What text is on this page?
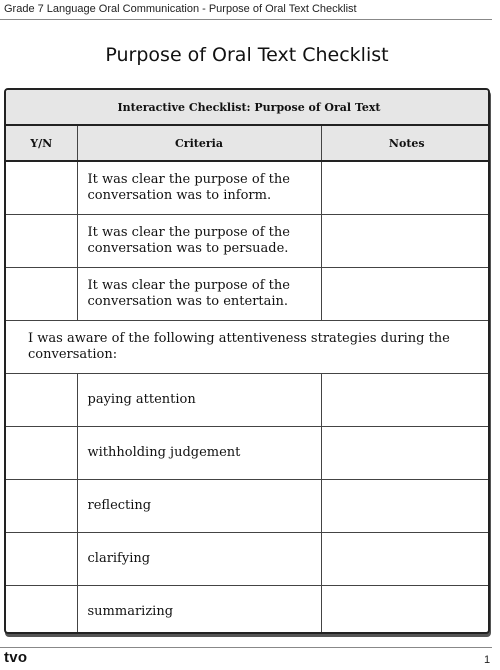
Grade 7 Language Oral Communication - Purpose of Oral Text Checklist
Purpose of Oral Text Checklist
Interactive Checklist: Purpose of Oral Text		
Y/N	Criteria	Notes
	It was clear the purpose of the conversation was to inform.	
	It was clear the purpose of the conversation was to persuade.	
	It was clear the purpose of the conversation was to entertain.	
I was aware of the following attentiveness strategies during the conversation:		
	paying attention	
	withholding judgement	
	reflecting	
	clarifying	
	summarizing	
tvo	1
